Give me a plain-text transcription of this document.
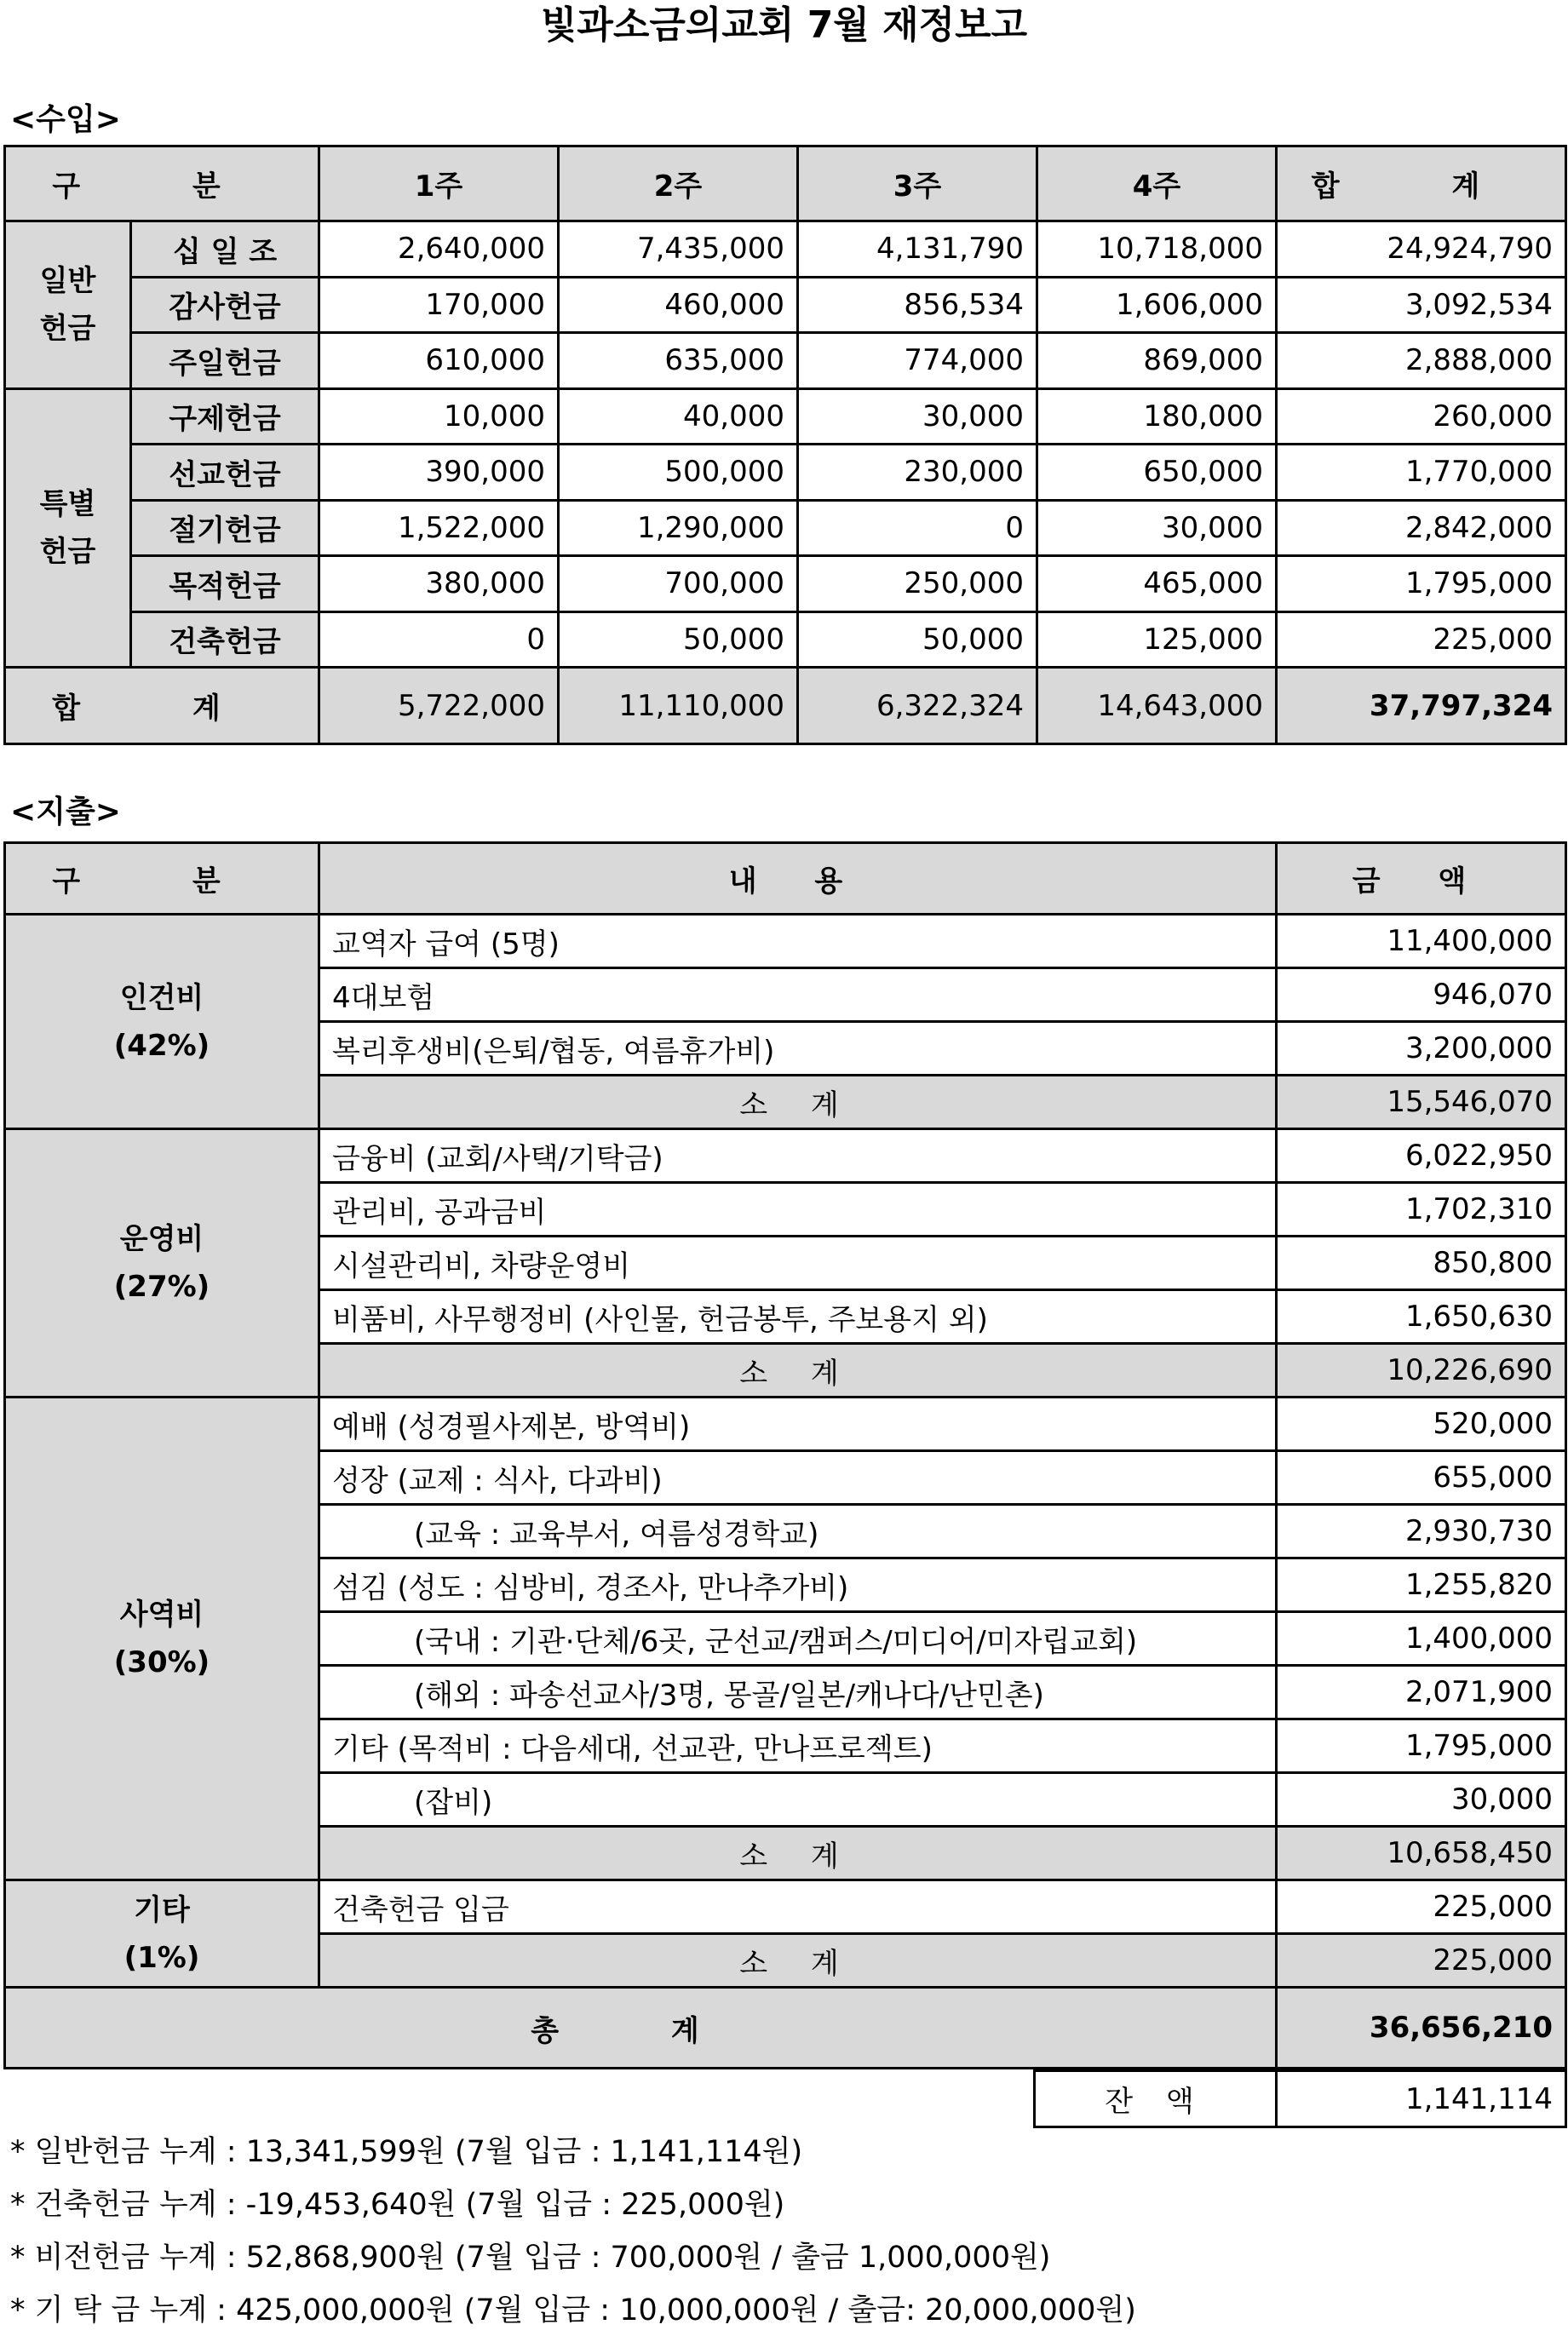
빛과소금의교회 7월 재정보고
<수입>
구 분		1주	2주	3주	4주	합 계
일반
헌금	십 일 조	2,640,000	7,435,000	4,131,790	10,718,000	24,924,790
	감사헌금	170,000	460,000	856,534	1,606,000	3,092,534
	주일헌금	610,000	635,000	774,000	869,000	2,888,000
특별
헌금	구제헌금	10,000	40,000	30,000	180,000	260,000
	선교헌금	390,000	500,000	230,000	650,000	1,770,000
	절기헌금	1,522,000	1,290,000	0	30,000	2,842,000
	목적헌금	380,000	700,000	250,000	465,000	1,795,000
	건축헌금	0	50,000	50,000	125,000	225,000
합 계		5,722,000	11,110,000	6,322,324	14,643,000	37,797,324
<지출>
구 분	내 용	금 액

인건비
(42%)	교역자 급여 (5명)	11,400,000
	4대보험	946,070
	복리후생비(은퇴/협동, 여름휴가비)	3,200,000
	소 계	15,546,070

운영비
(27%)	금융비 (교회/사택/기탁금)	6,022,950
	관리비, 공과금비	1,702,310
	시설관리비, 차량운영비	850,800
	비품비, 사무행정비 (사인물, 헌금봉투, 주보용지 외)	1,650,630
	소 계	10,226,690

사역비
(30%)	예배 (성경필사제본, 방역비)	520,000
	성장 (교제 : 식사, 다과비)	655,000
	(교육 : 교육부서, 여름성경학교)	2,930,730
	섬김 (성도 : 심방비, 경조사, 만나추가비)	1,255,820
	(국내 : 기관·단체/6곳, 군선교/캠퍼스/미디어/미자립교회)	1,400,000
	(해외 : 파송선교사/3명, 몽골/일본/캐나다/난민촌)	2,071,900
	기타 (목적비 : 다음세대, 선교관, 만나프로젝트)	1,795,000
	(잡비)	30,000
	소 계	10,658,450

기타
(1%)	건축헌금 입금	225,000
	소 계	225,000
총 계		36,656,210
잔 액	1,141,114
* 일반헌금 누계 : 13,341,599원 (7월 입금 : 1,141,114원)
* 건축헌금 누계 : -19,453,640원 (7월 입금 : 225,000원)
* 비전헌금 누계 : 52,868,900원 (7월 입금 : 700,000원 / 출금 1,000,000원)
* 기 탁 금 누계 : 425,000,000원 (7월 입금 : 10,000,000원 / 출금: 20,000,000원)
